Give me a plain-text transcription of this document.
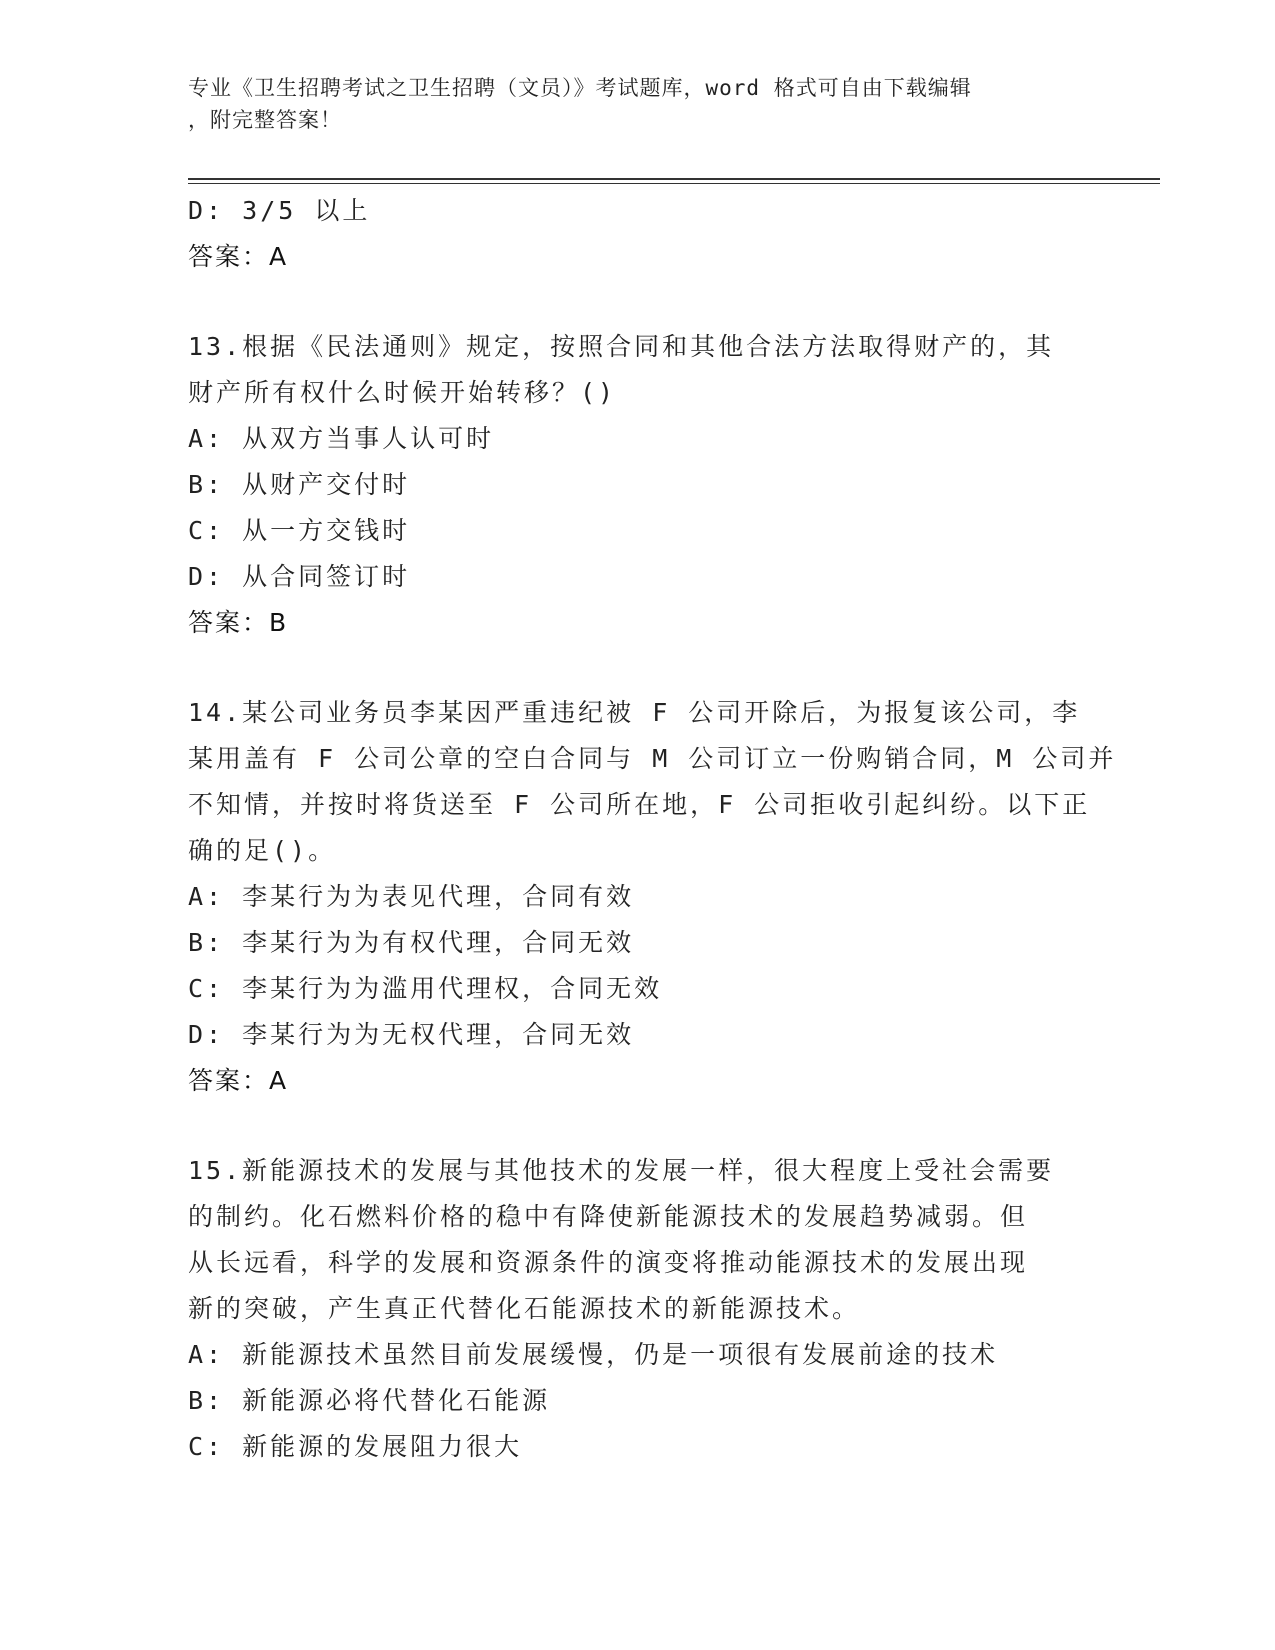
专业《卫生招聘考试之卫生招聘（文员）》考试题库，word 格式可自由下载编辑
，附完整答案！
D: 3/5 以上
答案：A
13.根据《民法通则》规定，按照合同和其他合法方法取得财产的，其
财产所有权什么时候开始转移？()
A: 从双方当事人认可时
B: 从财产交付时
C: 从一方交钱时
D: 从合同签订时
答案：B
14.某公司业务员李某因严重违纪被 F 公司开除后，为报复该公司，李
某用盖有 F 公司公章的空白合同与 M 公司订立一份购销合同，M 公司并
不知情，并按时将货送至 F 公司所在地，F 公司拒收引起纠纷。以下正
确的足()。
A: 李某行为为表见代理，合同有效
B: 李某行为为有权代理，合同无效
C: 李某行为为滥用代理权，合同无效
D: 李某行为为无权代理，合同无效
答案：A
15.新能源技术的发展与其他技术的发展一样，很大程度上受社会需要
的制约。化石燃料价格的稳中有降使新能源技术的发展趋势减弱。但
从长远看，科学的发展和资源条件的演变将推动能源技术的发展出现
新的突破，产生真正代替化石能源技术的新能源技术。
A: 新能源技术虽然目前发展缓慢，仍是一项很有发展前途的技术
B: 新能源必将代替化石能源
C: 新能源的发展阻力很大
